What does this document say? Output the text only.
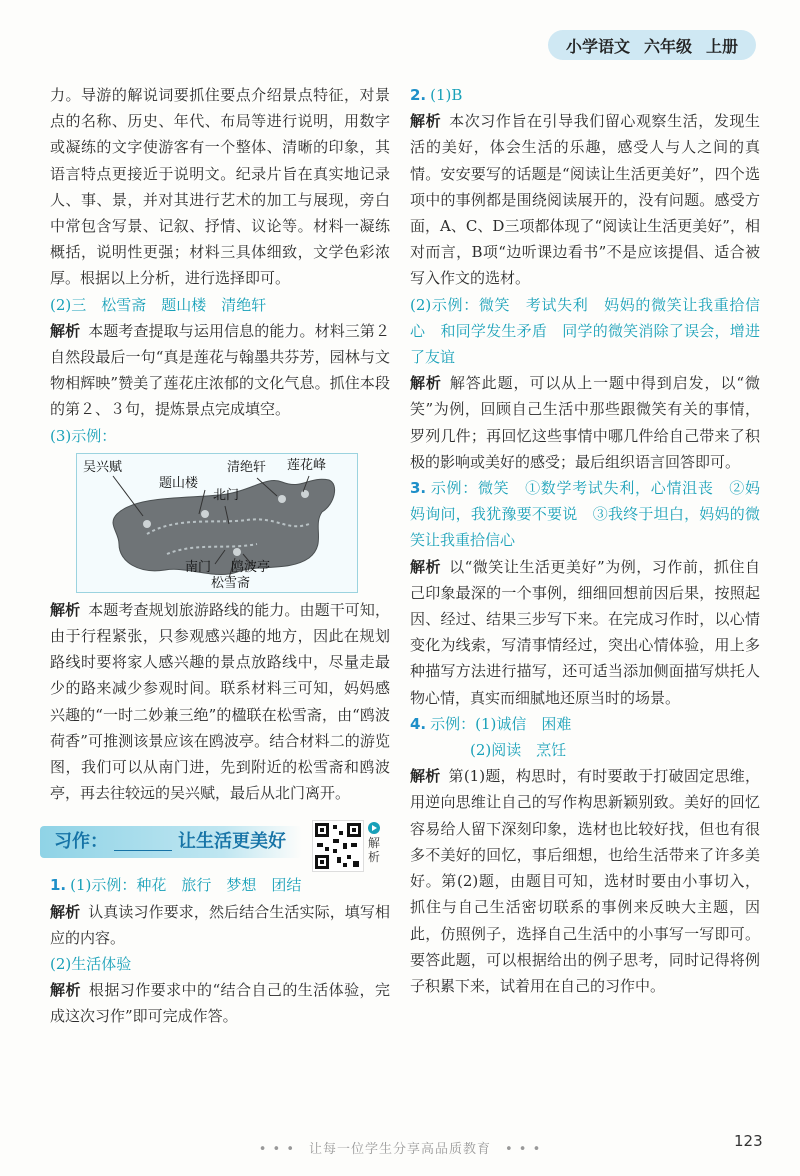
小学语文 六年级 上册

力。导游的解说词要抓住要点介绍景点特征，对景点的名称、历史、年代、布局等进行说明，用数字或凝练的文字使游客有一个整体、清晰的印象，其语言特点更接近于说明文。纪录片旨在真实地记录人、事、景，并对其进行艺术的加工与展现，旁白中常包含写景、记叙、抒情、议论等。材料一凝练概括，说明性更强；材料三具体细致，文学色彩浓厚。根据以上分析，进行选择即可。

(2)三　松雪斋　题山楼　清绝轩

解析 本题考查提取与运用信息的能力。材料三第２自然段最后一句“真是莲花与翰墨共芬芳，园林与文物相辉映”赞美了莲花庄浓郁的文化气息。抓住本段的第２、３句，提炼景点完成填空。

(3)示例：

吴兴赋	清绝轩 莲花峰
题山楼
北门
南门 鸥波亭
松雪斋

解析 本题考查规划旅游路线的能力。由题干可知，由于行程紧张，只参观感兴趣的地方，因此在规划路线时要将家人感兴趣的景点放路线中，尽量走最少的路来减少参观时间。联系材料三可知，妈妈感兴趣的“一时二妙兼三绝”的楹联在松雪斋，由“鸥波荷香”可推测该景应该在鸥波亭。结合材料二的游览图，我们可以从南门进，先到附近的松雪斋和鸥波亭，再去往较远的吴兴赋，最后从北门离开。

习作：	让生活更美好	解析

1. (1)示例：种花　旅行　梦想　团结

解析 认真读习作要求，然后结合生活实际，填写相应的内容。

(2)生活体验

解析 根据习作要求中的“结合自己的生活体验，完成这次习作”即可完成作答。

2. (1)B

解析 本次习作旨在引导我们留心观察生活，发现生活的美好，体会生活的乐趣，感受人与人之间的真情。安安要写的话题是“阅读让生活更美好”，四个选项中的事例都是围绕阅读展开的，没有问题。感受方面，A、C、D三项都体现了“阅读让生活更美好”，相对而言，B项“边听课边看书”不是应该提倡、适合被写入作文的选材。

(2)示例：微笑　考试失利　妈妈的微笑让我重拾信心　和同学发生矛盾　同学的微笑消除了误会，增进了友谊

解析 解答此题，可以从上一题中得到启发，以“微笑”为例，回顾自己生活中那些跟微笑有关的事情，罗列几件；再回忆这些事情中哪几件给自己带来了积极的影响或美好的感受；最后组织语言回答即可。

3. 示例：微笑　①数学考试失利，心情沮丧　②妈妈询问，我犹豫要不要说　③我终于坦白，妈妈的微笑让我重拾信心

解析 以“微笑让生活更美好”为例，习作前，抓住自己印象最深的一个事例，细细回想前因后果，按照起因、经过、结果三步写下来。在完成习作时，以心情变化为线索，写清事情经过，突出心情体验，用上多种描写方法进行描写，还可适当添加侧面描写烘托人物心情，真实而细腻地还原当时的场景。

4. 示例：(1)诚信　困难

(2)阅读　烹饪

解析 第(1)题，构思时，有时要敢于打破固定思维，用逆向思维让自己的写作构思新颖别致。美好的回忆容易给人留下深刻印象，选材也比较好找，但也有很多不美好的回忆，事后细想，也给生活带来了许多美好。第(2)题，由题目可知，选材时要由小事切入，抓住与自己生活密切联系的事例来反映大主题，因此，仿照例子，选择自己生活中的小事写一写即可。要答此题，可以根据给出的例子思考，同时记得将例子积累下来，试着用在自己的习作中。

• • •　让每一位学生分享高品质教育　• • •	123
